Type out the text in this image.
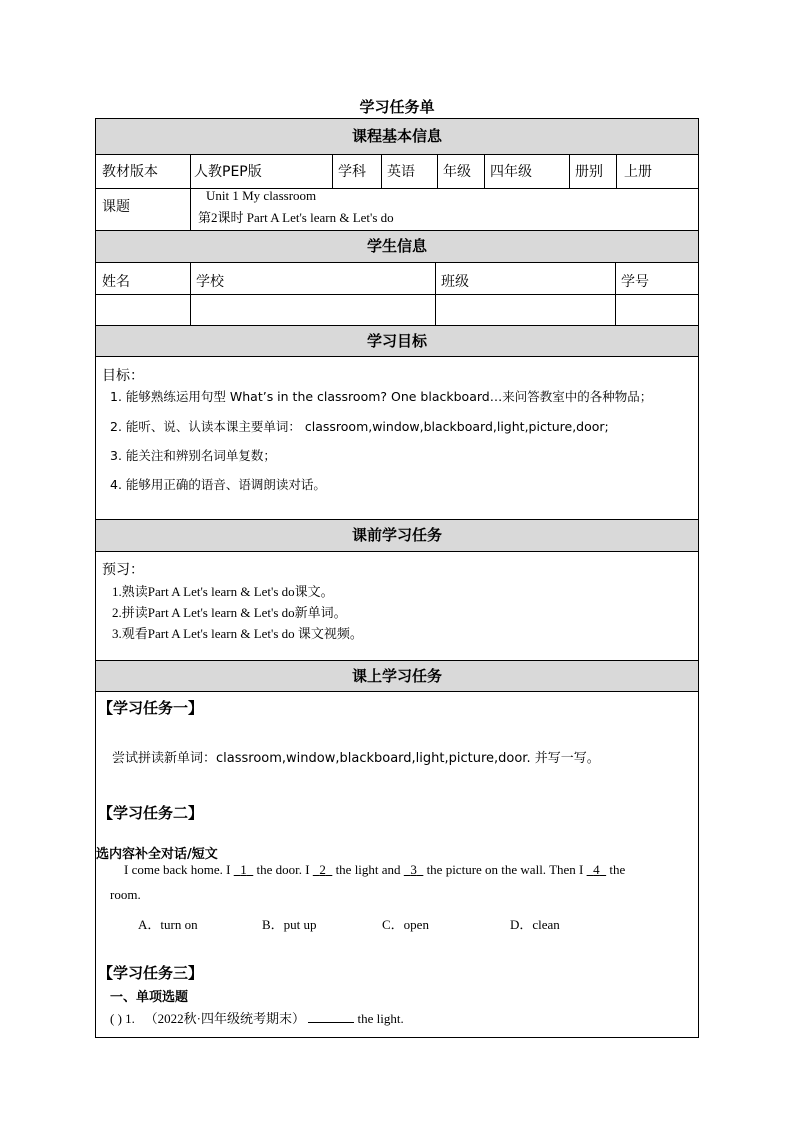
学习任务单
课程基本信息
教材版本	人教PEP版	学科 英语 年级 四年级	册别 上册
课题
Unit 1 My classroom
第2课时 Part A Let's learn & Let's do
学生信息
姓名	学校	班级	学号
学习目标
目标：
1. 能够熟练运用句型 What’s in the classroom? One blackboard…来问答教室中的各种物品；
2. 能听、说、认读本课主要单词： classroom,window,blackboard,light,picture,door;
3. 能关注和辨别名词单复数；
4. 能够用正确的语音、语调朗读对话。
课前学习任务
预习：
1.熟读Part A Let's learn & Let's do课文。
2.拼读Part A Let's learn & Let's do新单词。
3.观看Part A Let's learn & Let's do 课文视频。
课上学习任务
【学习任务一】
尝试拼读新单词：classroom,window,blackboard,light,picture,door. 并写一写。
【学习任务二】
选内容补全对话/短文
I come back home. I   1   the door. I   2   the light and   3   the picture on the wall. Then I   4   the
room.
A．turn on	B．put up	C．open	D．clean
【学习任务三】
一、单项选题
( ) 1. （2022秋·四年级统考期末）	the light.
